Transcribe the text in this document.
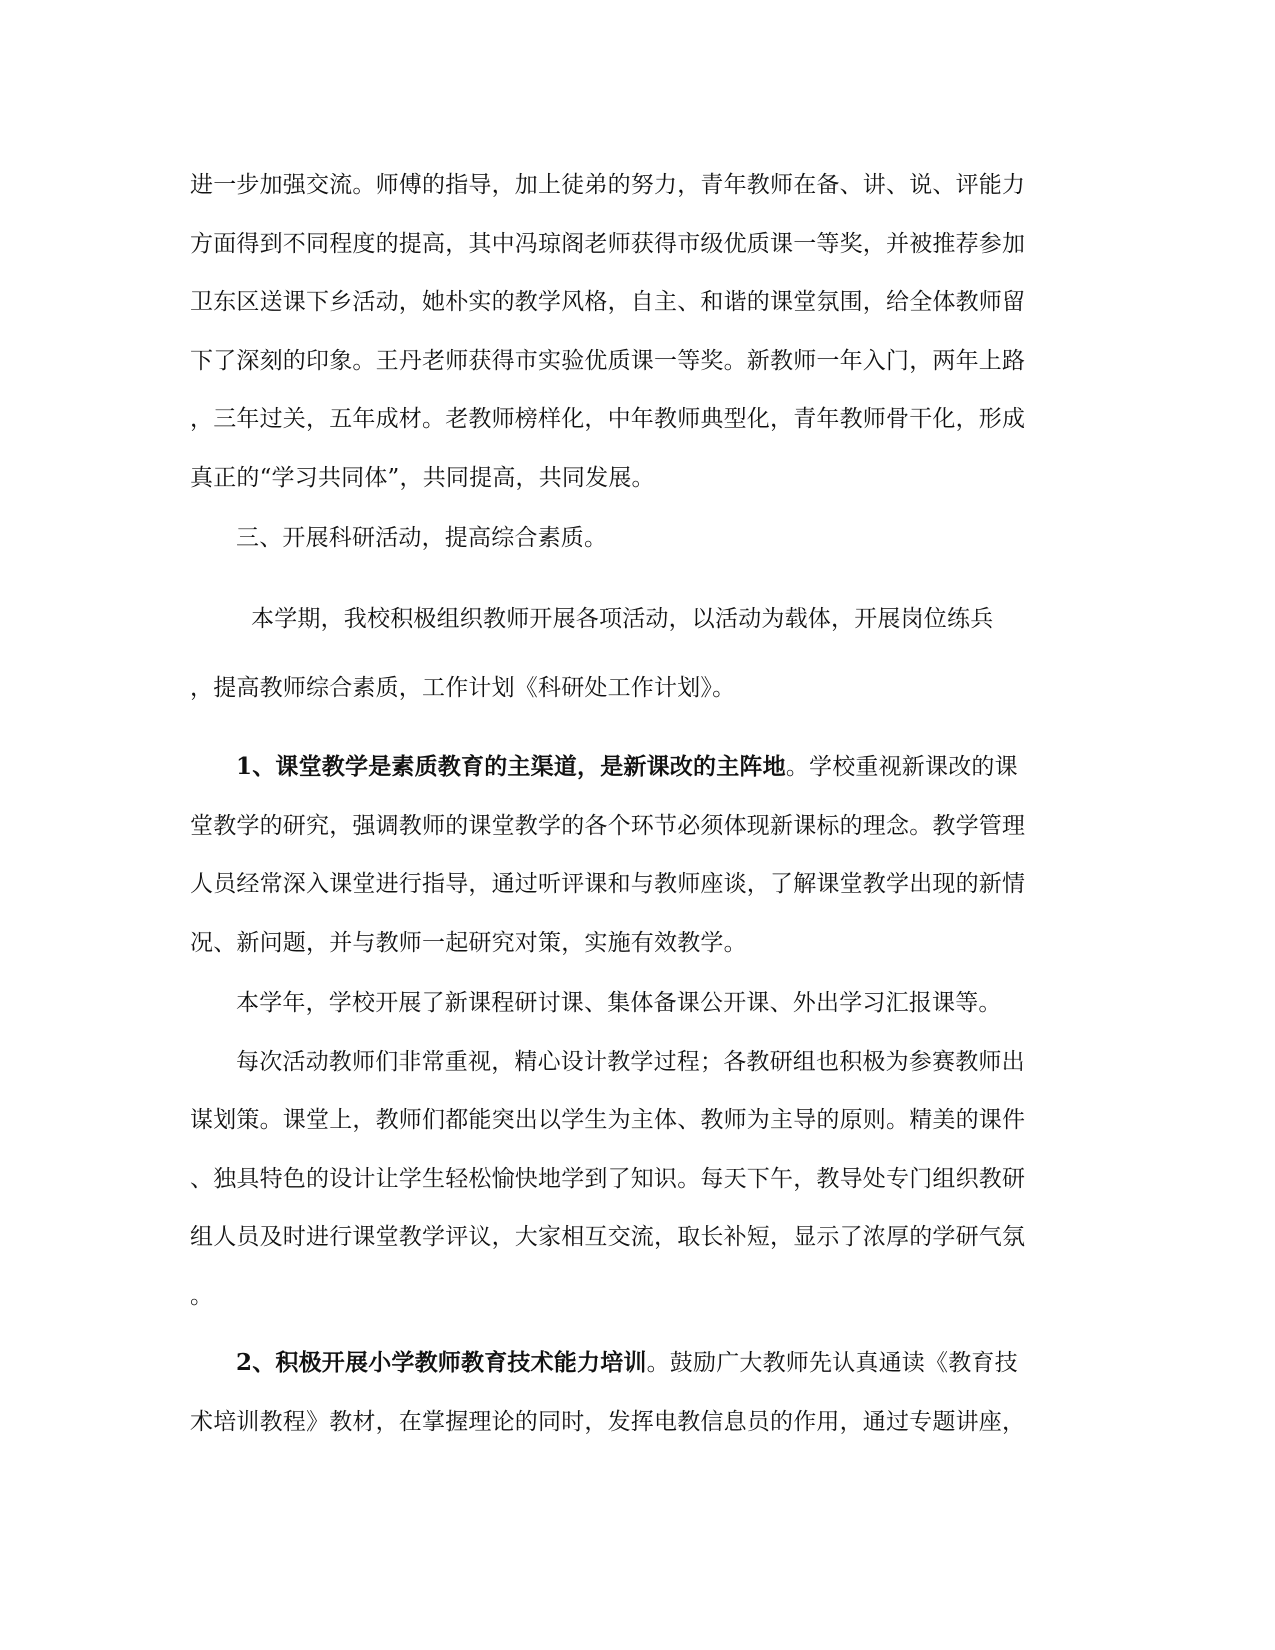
进一步加强交流。师傅的指导，加上徒弟的努力，青年教师在备、讲、说、评能力
方面得到不同程度的提高，其中冯琼阁老师获得市级优质课一等奖，并被推荐参加
卫东区送课下乡活动，她朴实的教学风格，自主、和谐的课堂氛围，给全体教师留
下了深刻的印象。王丹老师获得市实验优质课一等奖。新教师一年入门，两年上路
，三年过关，五年成材。老教师榜样化，中年教师典型化，青年教师骨干化，形成
真正的“学习共同体”，共同提高，共同发展。
三、开展科研活动，提高综合素质。
本学期，我校积极组织教师开展各项活动，以活动为载体，开展岗位练兵
，提高教师综合素质，工作计划《科研处工作计划》。
1、课堂教学是素质教育的主渠道，是新课改的主阵地。学校重视新课改的课
堂教学的研究，强调教师的课堂教学的各个环节必须体现新课标的理念。教学管理
人员经常深入课堂进行指导，通过听评课和与教师座谈，了解课堂教学出现的新情
况、新问题，并与教师一起研究对策，实施有效教学。
本学年，学校开展了新课程研讨课、集体备课公开课、外出学习汇报课等。
每次活动教师们非常重视，精心设计教学过程；各教研组也积极为参赛教师出
谋划策。课堂上，教师们都能突出以学生为主体、教师为主导的原则。精美的课件
、独具特色的设计让学生轻松愉快地学到了知识。每天下午，教导处专门组织教研
组人员及时进行课堂教学评议，大家相互交流，取长补短，显示了浓厚的学研气氛
。
2、积极开展小学教师教育技术能力培训。鼓励广大教师先认真通读《教育技
术培训教程》教材，在掌握理论的同时，发挥电教信息员的作用，通过专题讲座，
